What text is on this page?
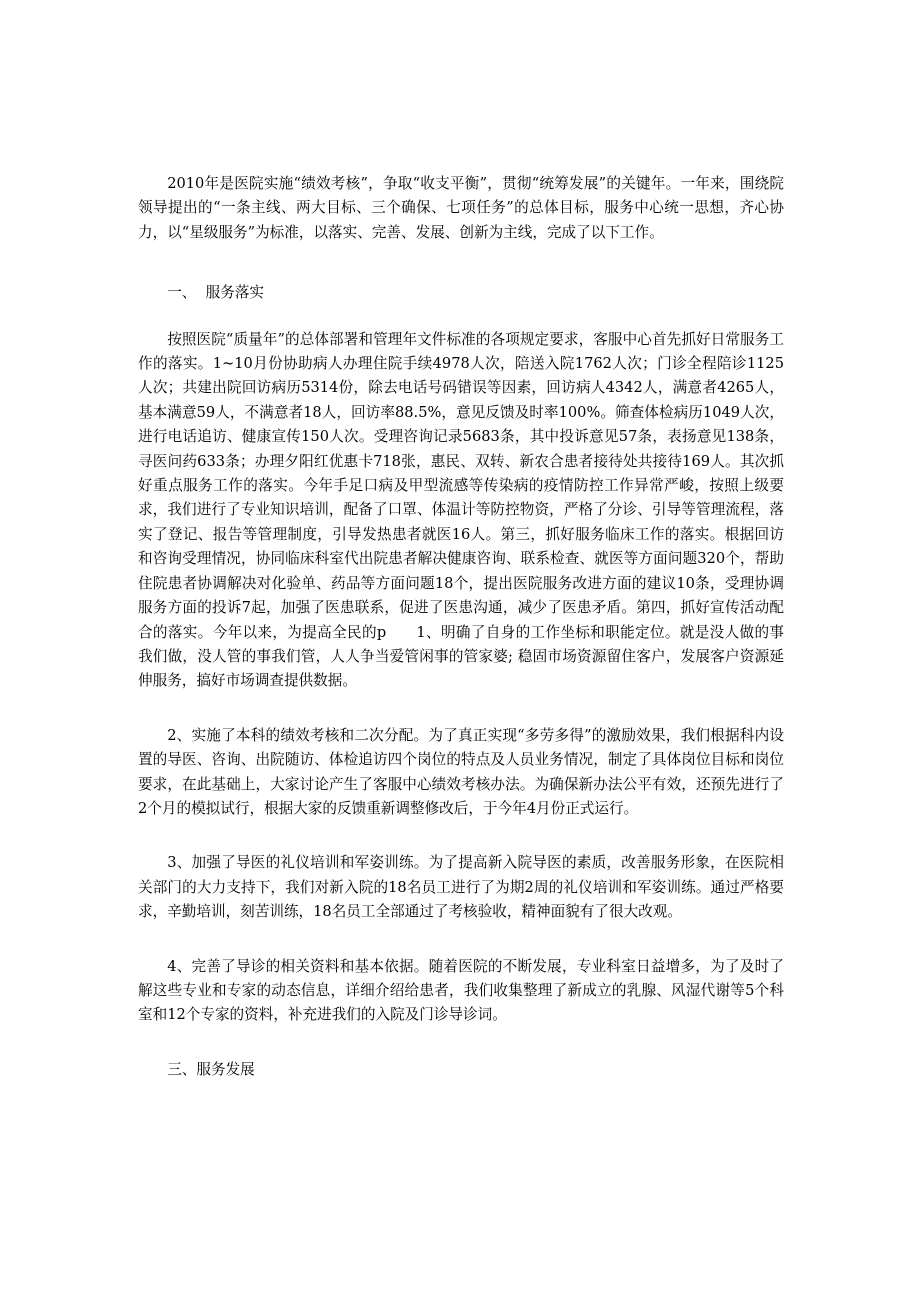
2010年是医院实施“绩效考核”，争取“收支平衡”，贯彻“统筹发展”的关键年。一年来，围绕院领导提出的“一条主线、两大目标、三个确保、七项任务”的总体目标，服务中心统一思想，齐心协力，以“星级服务”为标准，以落实、完善、发展、创新为主线，完成了以下工作。

一、  服务落实

按照医院“质量年”的总体部署和管理年文件标准的各项规定要求，客服中心首先抓好日常服务工作的落实。1~10月份协助病人办理住院手续4978人次，陪送入院1762人次；门诊全程陪诊1125人次；共建出院回访病历5314份，除去电话号码错误等因素，回访病人4342人，满意者4265人，基本满意59人，不满意者18人，回访率88.5%，意见反馈及时率100%。筛查体检病历1049人次，进行电话追访、健康宣传150人次。受理咨询记录5683条，其中投诉意见57条，表扬意见138条，寻医问药633条；办理夕阳红优惠卡718张，惠民、双转、新农合患者接待处共接待169人。其次抓好重点服务工作的落实。今年手足口病及甲型流感等传染病的疫情防控工作异常严峻，按照上级要求，我们进行了专业知识培训，配备了口罩、体温计等防控物资，严格了分诊、引导等管理流程，落实了登记、报告等管理制度，引导发热患者就医16人。第三，抓好服务临床工作的落实。根据回访和咨询受理情况，协同临床科室代出院患者解决健康咨询、联系检查、就医等方面问题320个，帮助住院患者协调解决对化验单、药品等方面问题18个，提出医院服务改进方面的建议10条，受理协调服务方面的投诉7起，加强了医患联系，促进了医患沟通，减少了医患矛盾。第四，抓好宣传活动配合的落实。今年以来，为提高全民的p　　1、明确了自身的工作坐标和职能定位。就是没人做的事我们做，没人管的事我们管，人人争当爱管闲事的管家婆; 稳固市场资源留住客户，发展客户资源延伸服务，搞好市场调查提供数据。

2、实施了本科的绩效考核和二次分配。为了真正实现“多劳多得”的激励效果，我们根据科内设置的导医、咨询、出院随访、体检追访四个岗位的特点及人员业务情况，制定了具体岗位目标和岗位要求，在此基础上，大家讨论产生了客服中心绩效考核办法。为确保新办法公平有效，还预先进行了2个月的模拟试行，根据大家的反馈重新调整修改后，于今年4月份正式运行。

3、加强了导医的礼仪培训和军姿训练。为了提高新入院导医的素质，改善服务形象，在医院相关部门的大力支持下，我们对新入院的18名员工进行了为期2周的礼仪培训和军姿训练。通过严格要求，辛勤培训，刻苦训练，18名员工全部通过了考核验收，精神面貌有了很大改观。

4、完善了导诊的相关资料和基本依据。随着医院的不断发展，专业科室日益增多，为了及时了解这些专业和专家的动态信息，详细介绍给患者，我们收集整理了新成立的乳腺、风湿代谢等5个科室和12个专家的资料，补充进我们的入院及门诊导诊词。

三、服务发展
